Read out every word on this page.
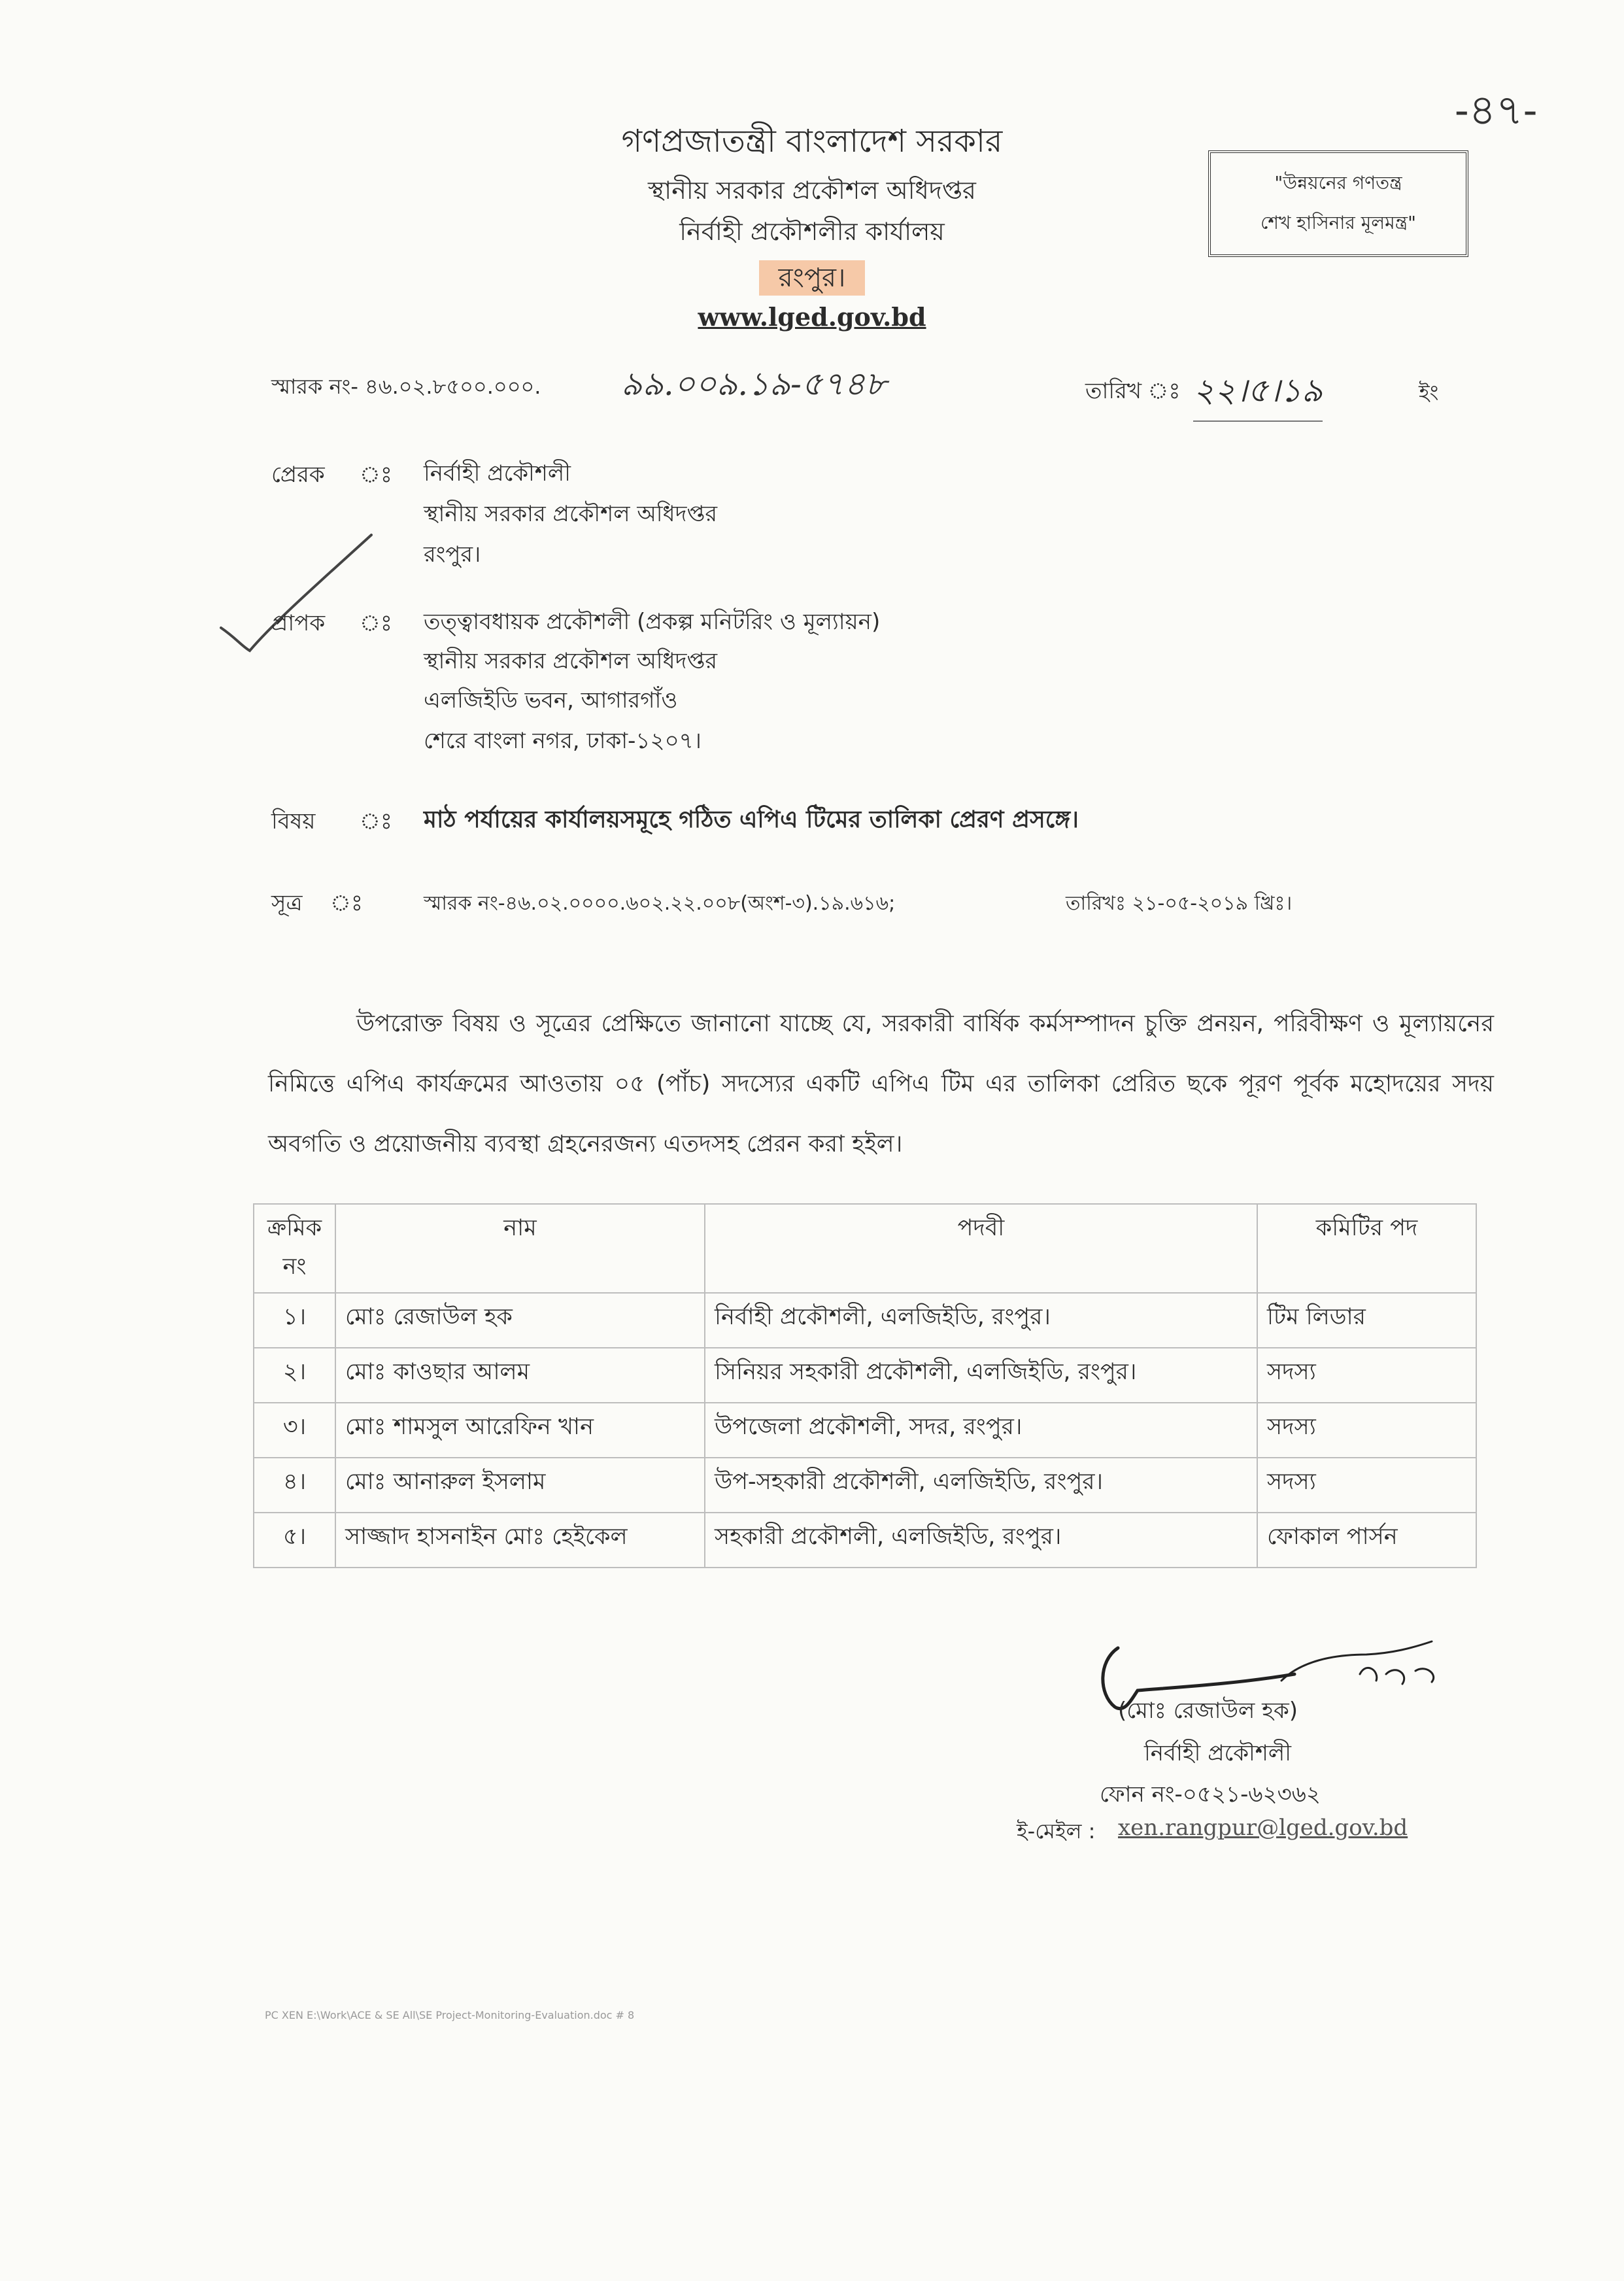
-৪৭-
গণপ্রজাতন্ত্রী বাংলাদেশ সরকার
স্থানীয় সরকার প্রকৌশল অধিদপ্তর
নির্বাহী প্রকৌশলীর কার্যালয়
রংপুর।
www.lged.gov.bd
"উন্নয়নের গণতন্ত্র
শেখ হাসিনার মূলমন্ত্র"
স্মারক নং- ৪৬.০২.৮৫০০.০০০. ৯৯.০০৯.১৯-৫৭৪৮	তারিখ ঃ ২২।৫।১৯	ইং
প্রেরক ঃ নির্বাহী প্রকৌশলী
স্থানীয় সরকার প্রকৌশল অধিদপ্তর
রংপুর।
প্রাপক ঃ তত্ত্বাবধায়ক প্রকৌশলী (প্রকল্প মনিটরিং ও মূল্যায়ন)
স্থানীয় সরকার প্রকৌশল অধিদপ্তর
এলজিইডি ভবন, আগারগাঁও
শেরে বাংলা নগর, ঢাকা-১২০৭।
বিষয় ঃ মাঠ পর্যায়ের কার্যালয়সমূহে গঠিত এপিএ টিমের তালিকা প্রেরণ প্রসঙ্গে।
সূত্র ঃ	স্মারক নং-৪৬.০২.০০০০.৬০২.২২.০০৮(অংশ-৩).১৯.৬১৬;	তারিখঃ ২১-০৫-২০১৯ খ্রিঃ।
উপরোক্ত বিষয় ও সূত্রের প্রেক্ষিতে জানানো যাচ্ছে যে, সরকারী বার্ষিক কর্মসম্পাদন চুক্তি প্রনয়ন, পরিবীক্ষণ ও মূল্যায়নের নিমিত্তে এপিএ কার্যক্রমের আওতায় ০৫ (পাঁচ) সদস্যের একটি এপিএ টিম এর তালিকা প্রেরিত ছকে পূরণ পূর্বক মহোদয়ের সদয় অবগতি ও প্রয়োজনীয় ব্যবস্থা গ্রহনেরজন্য এতদসহ প্রেরন করা হইল।
ক্রমিক নং	নাম	পদবী	কমিটির পদ
১।	মোঃ রেজাউল হক	নির্বাহী প্রকৌশলী, এলজিইডি, রংপুর।	টিম লিডার
২।	মোঃ কাওছার আলম	সিনিয়র সহকারী প্রকৌশলী, এলজিইডি, রংপুর।	সদস্য
৩।	মোঃ শামসুল আরেফিন খান	উপজেলা প্রকৌশলী, সদর, রংপুর।	সদস্য
৪।	মোঃ আনারুল ইসলাম	উপ-সহকারী প্রকৌশলী, এলজিইডি, রংপুর।	সদস্য
৫।	সাজ্জাদ হাসনাইন মোঃ হেইকেল	সহকারী প্রকৌশলী, এলজিইডি, রংপুর।	ফোকাল পার্সন
(মোঃ রেজাউল হক)
নির্বাহী প্রকৌশলী
ফোন নং-০৫২১-৬২৩৬২
ই-মেইল : xen.rangpur@lged.gov.bd
PC XEN E:\Work\ACE & SE All\SE Project-Monitoring-Evaluation.doc # 8
